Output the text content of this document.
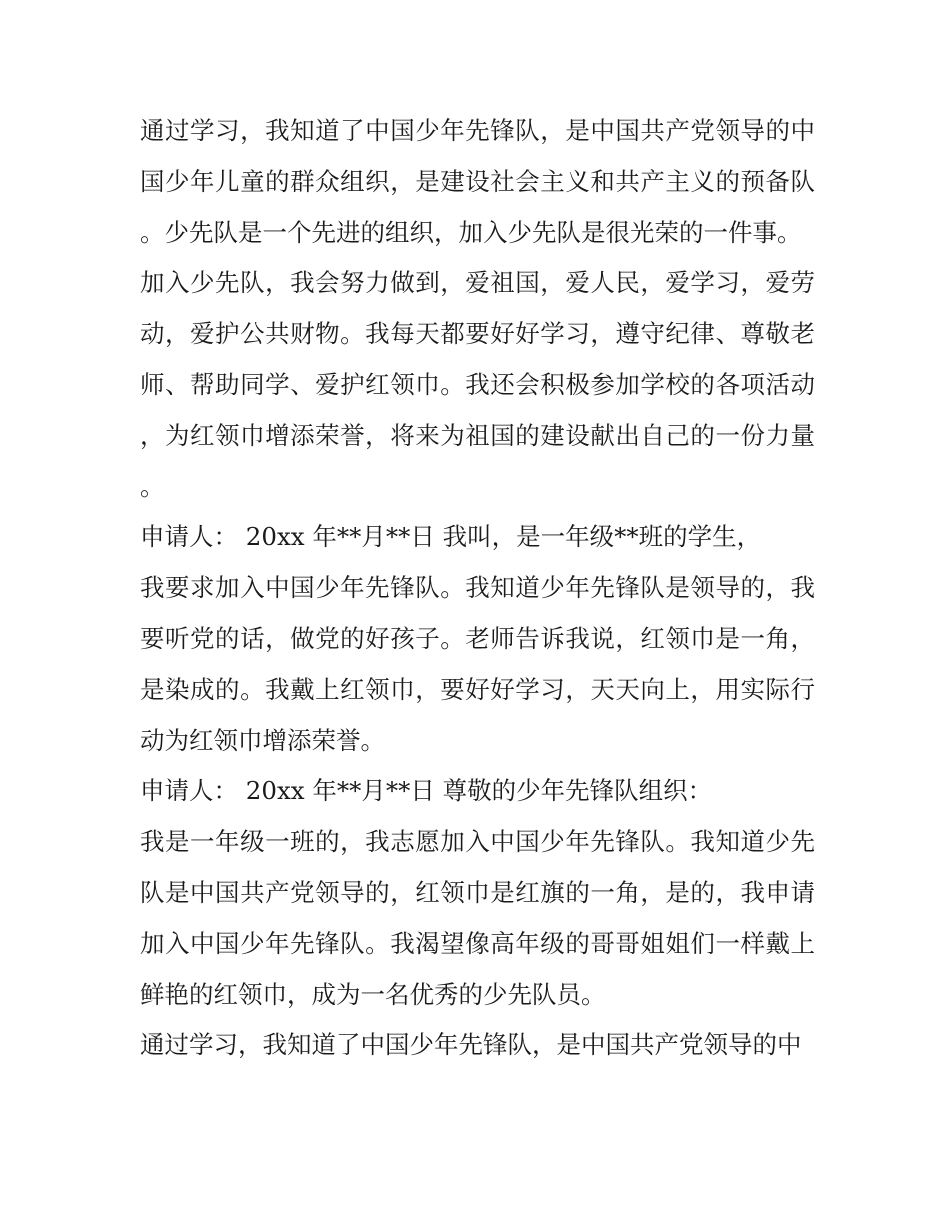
通过学习，我知道了中国少年先锋队，是中国共产党领导的中国少年儿童的群众组织，是建设社会主义和共产主义的预备队。少先队是一个先进的组织，加入少先队是很光荣的一件事。

加入少先队，我会努力做到，爱祖国，爱人民，爱学习，爱劳动，爱护公共财物。我每天都要好好学习，遵守纪律、尊敬老师、帮助同学、爱护红领巾。我还会积极参加学校的各项活动，为红领巾增添荣誉，将来为祖国的建设献出自己的一份力量。

申请人： 20xx 年**月**日 我叫，是一年级**班的学生，

我要求加入中国少年先锋队。我知道少年先锋队是领导的，我要听党的话，做党的好孩子。老师告诉我说，红领巾是一角，是染成的。我戴上红领巾，要好好学习，天天向上，用实际行动为红领巾增添荣誉。

申请人： 20xx 年**月**日 尊敬的少年先锋队组织：

我是一年级一班的，我志愿加入中国少年先锋队。我知道少先队是中国共产党领导的，红领巾是红旗的一角，是的，我申请加入中国少年先锋队。我渴望像高年级的哥哥姐姐们一样戴上鲜艳的红领巾，成为一名优秀的少先队员。

通过学习，我知道了中国少年先锋队，是中国共产党领导的中
